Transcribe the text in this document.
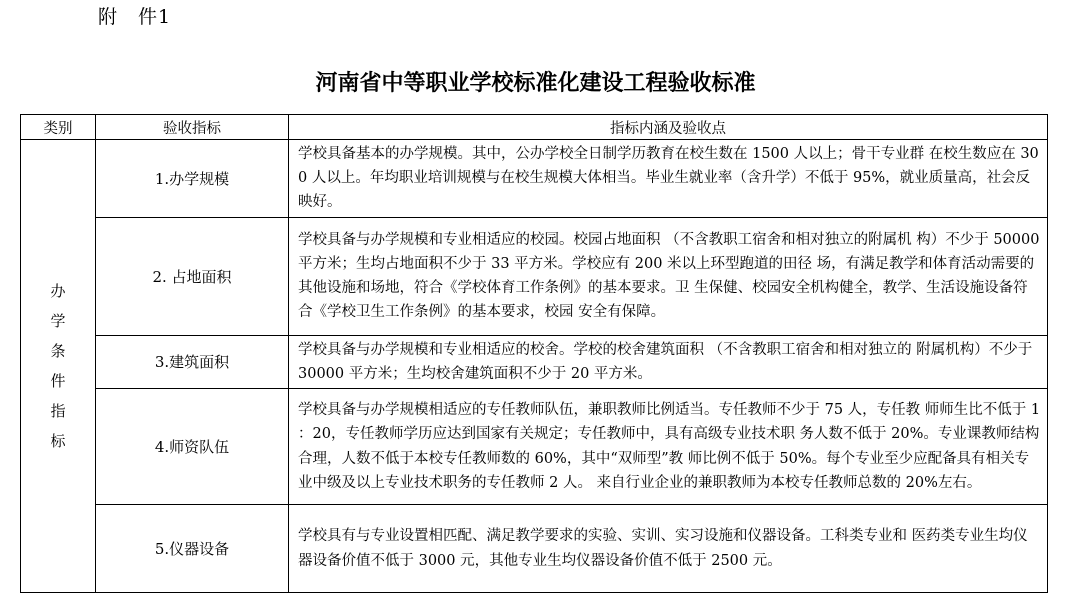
附　件1
河南省中等职业学校标准化建设工程验收标准
类别	验收指标	指标内涵及验收点
办学条件指标	1.办学规模	学校具备基本的办学规模。其中，公办学校全日制学历教育在校生数在 1500 人以上；骨干专业群 在校生数应在 300 人以上。年均职业培训规模与在校生规模大体相当。毕业生就业率（含升学）不低于 95%，就业质量高，社会反映好。
	2. 占地面积	学校具备与办学规模和专业相适应的校园。校园占地面积 （不含教职工宿舍和相对独立的附属机 构）不少于 50000 平方米；生均占地面积不少于 33 平方米。学校应有 200 米以上环型跑道的田径 场，有满足教学和体育活动需要的其他设施和场地，符合《学校体育工作条例》的基本要求。卫 生保健、校园安全机构健全，教学、生活设施设备符合《学校卫生工作条例》的基本要求，校园 安全有保障。
	3.建筑面积	学校具备与办学规模和专业相适应的校舍。学校的校舍建筑面积 （不含教职工宿舍和相对独立的 附属机构）不少于 30000 平方米；生均校舍建筑面积不少于 20 平方米。
	4.师资队伍	学校具备与办学规模相适应的专任教师队伍，兼职教师比例适当。专任教师不少于 75 人，专任教 师师生比不低于 1 ：20，专任教师学历应达到国家有关规定；专任教师中，具有高级专业技术职 务人数不低于 20%。专业课教师结构合理，人数不低于本校专任教师数的 60%，其中“双师型”教 师比例不低于 50%。每个专业至少应配备具有相关专业中级及以上专业技术职务的专任教师 2 人。 来自行业企业的兼职教师为本校专任教师总数的 20%左右。
	5.仪器设备	学校具有与专业设置相匹配、满足教学要求的实验、实训、实习设施和仪器设备。工科类专业和 医药类专业生均仪器设备价值不低于 3000 元，其他专业生均仪器设备价值不低于 2500 元。
